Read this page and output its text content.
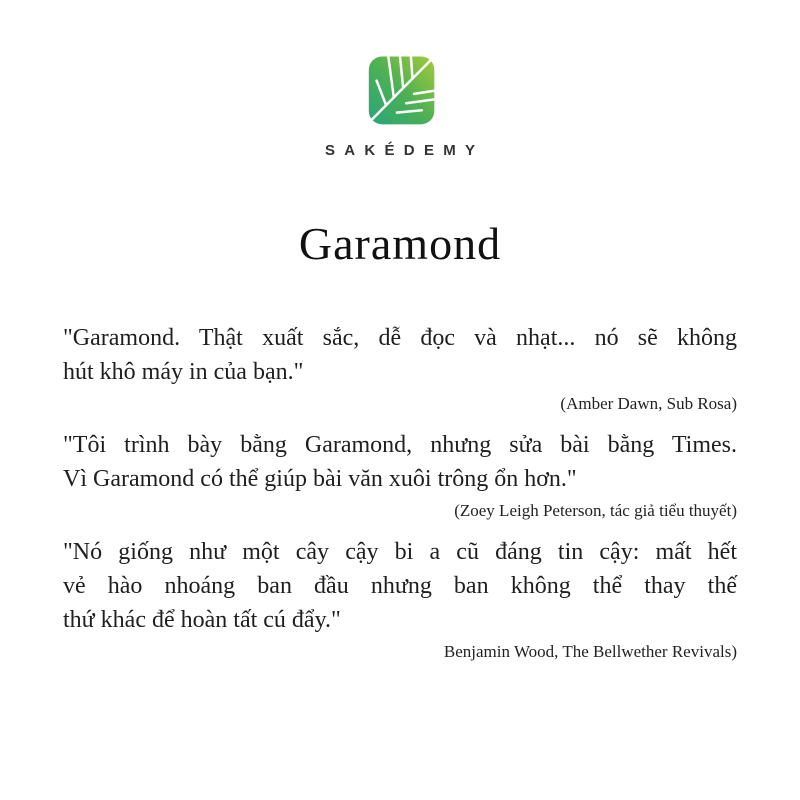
SAKÉDEMY
Garamond
"Garamond. Thật xuất sắc, dễ đọc và nhạt... nó sẽ không
hút khô máy in của bạn."
(Amber Dawn, Sub Rosa)
"Tôi trình bày bằng Garamond, nhưng sửa bài bằng Times.
Vì Garamond có thể giúp bài văn xuôi trông ổn hơn."
(Zoey Leigh Peterson, tác giả tiểu thuyết)
"Nó giống như một cây cậy bi a cũ đáng tin cậy: mất hết
vẻ hào nhoáng ban đầu nhưng ban không thể thay thế
thứ khác để hoàn tất cú đẩy."
Benjamin Wood, The Bellwether Revivals)
